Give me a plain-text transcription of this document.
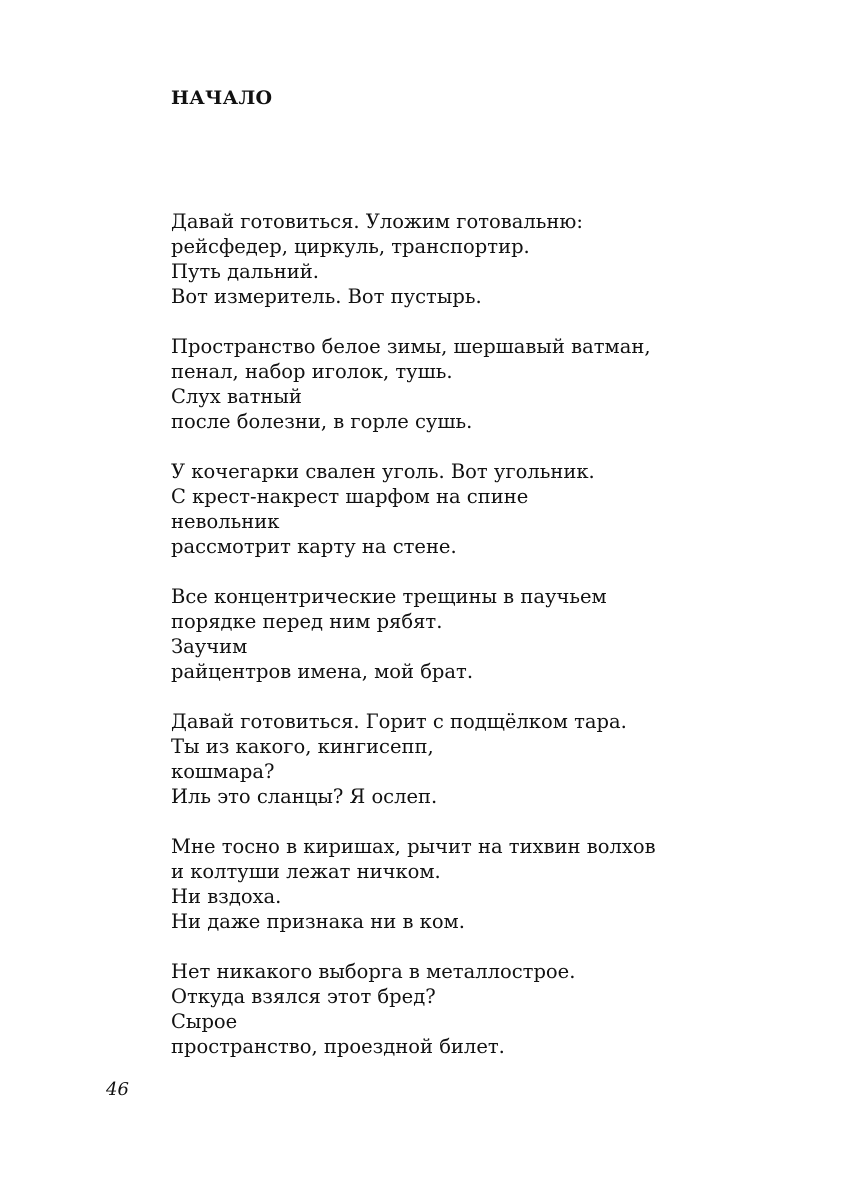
НАЧАЛО

Давай готовиться. Уложим готовальню:
рейсфедер, циркуль, транспортир.
Путь дальний.
Вот измеритель. Вот пустырь.

Пространство белое зимы, шершавый ватман,
пенал, набор иголок, тушь.
Слух ватный
после болезни, в горле сушь.

У кочегарки свален уголь. Вот угольник.
С крест-накрест шарфом на спине
невольник
рассмотрит карту на стене.

Все концентрические трещины в паучьем
порядке перед ним рябят.
Заучим
райцентров имена, мой брат.

Давай готовиться. Горит с подщёлком тара.
Ты из какого, кингисепп,
кошмара?
Иль это сланцы? Я ослеп.

Мне тосно в киришах, рычит на тихвин волхов
и колтуши лежат ничком.
Ни вздоха.
Ни даже признака ни в ком.

Нет никакого выборга в металлострое.
Откуда взялся этот бред?
Сырое
пространство, проездной билет.

46
